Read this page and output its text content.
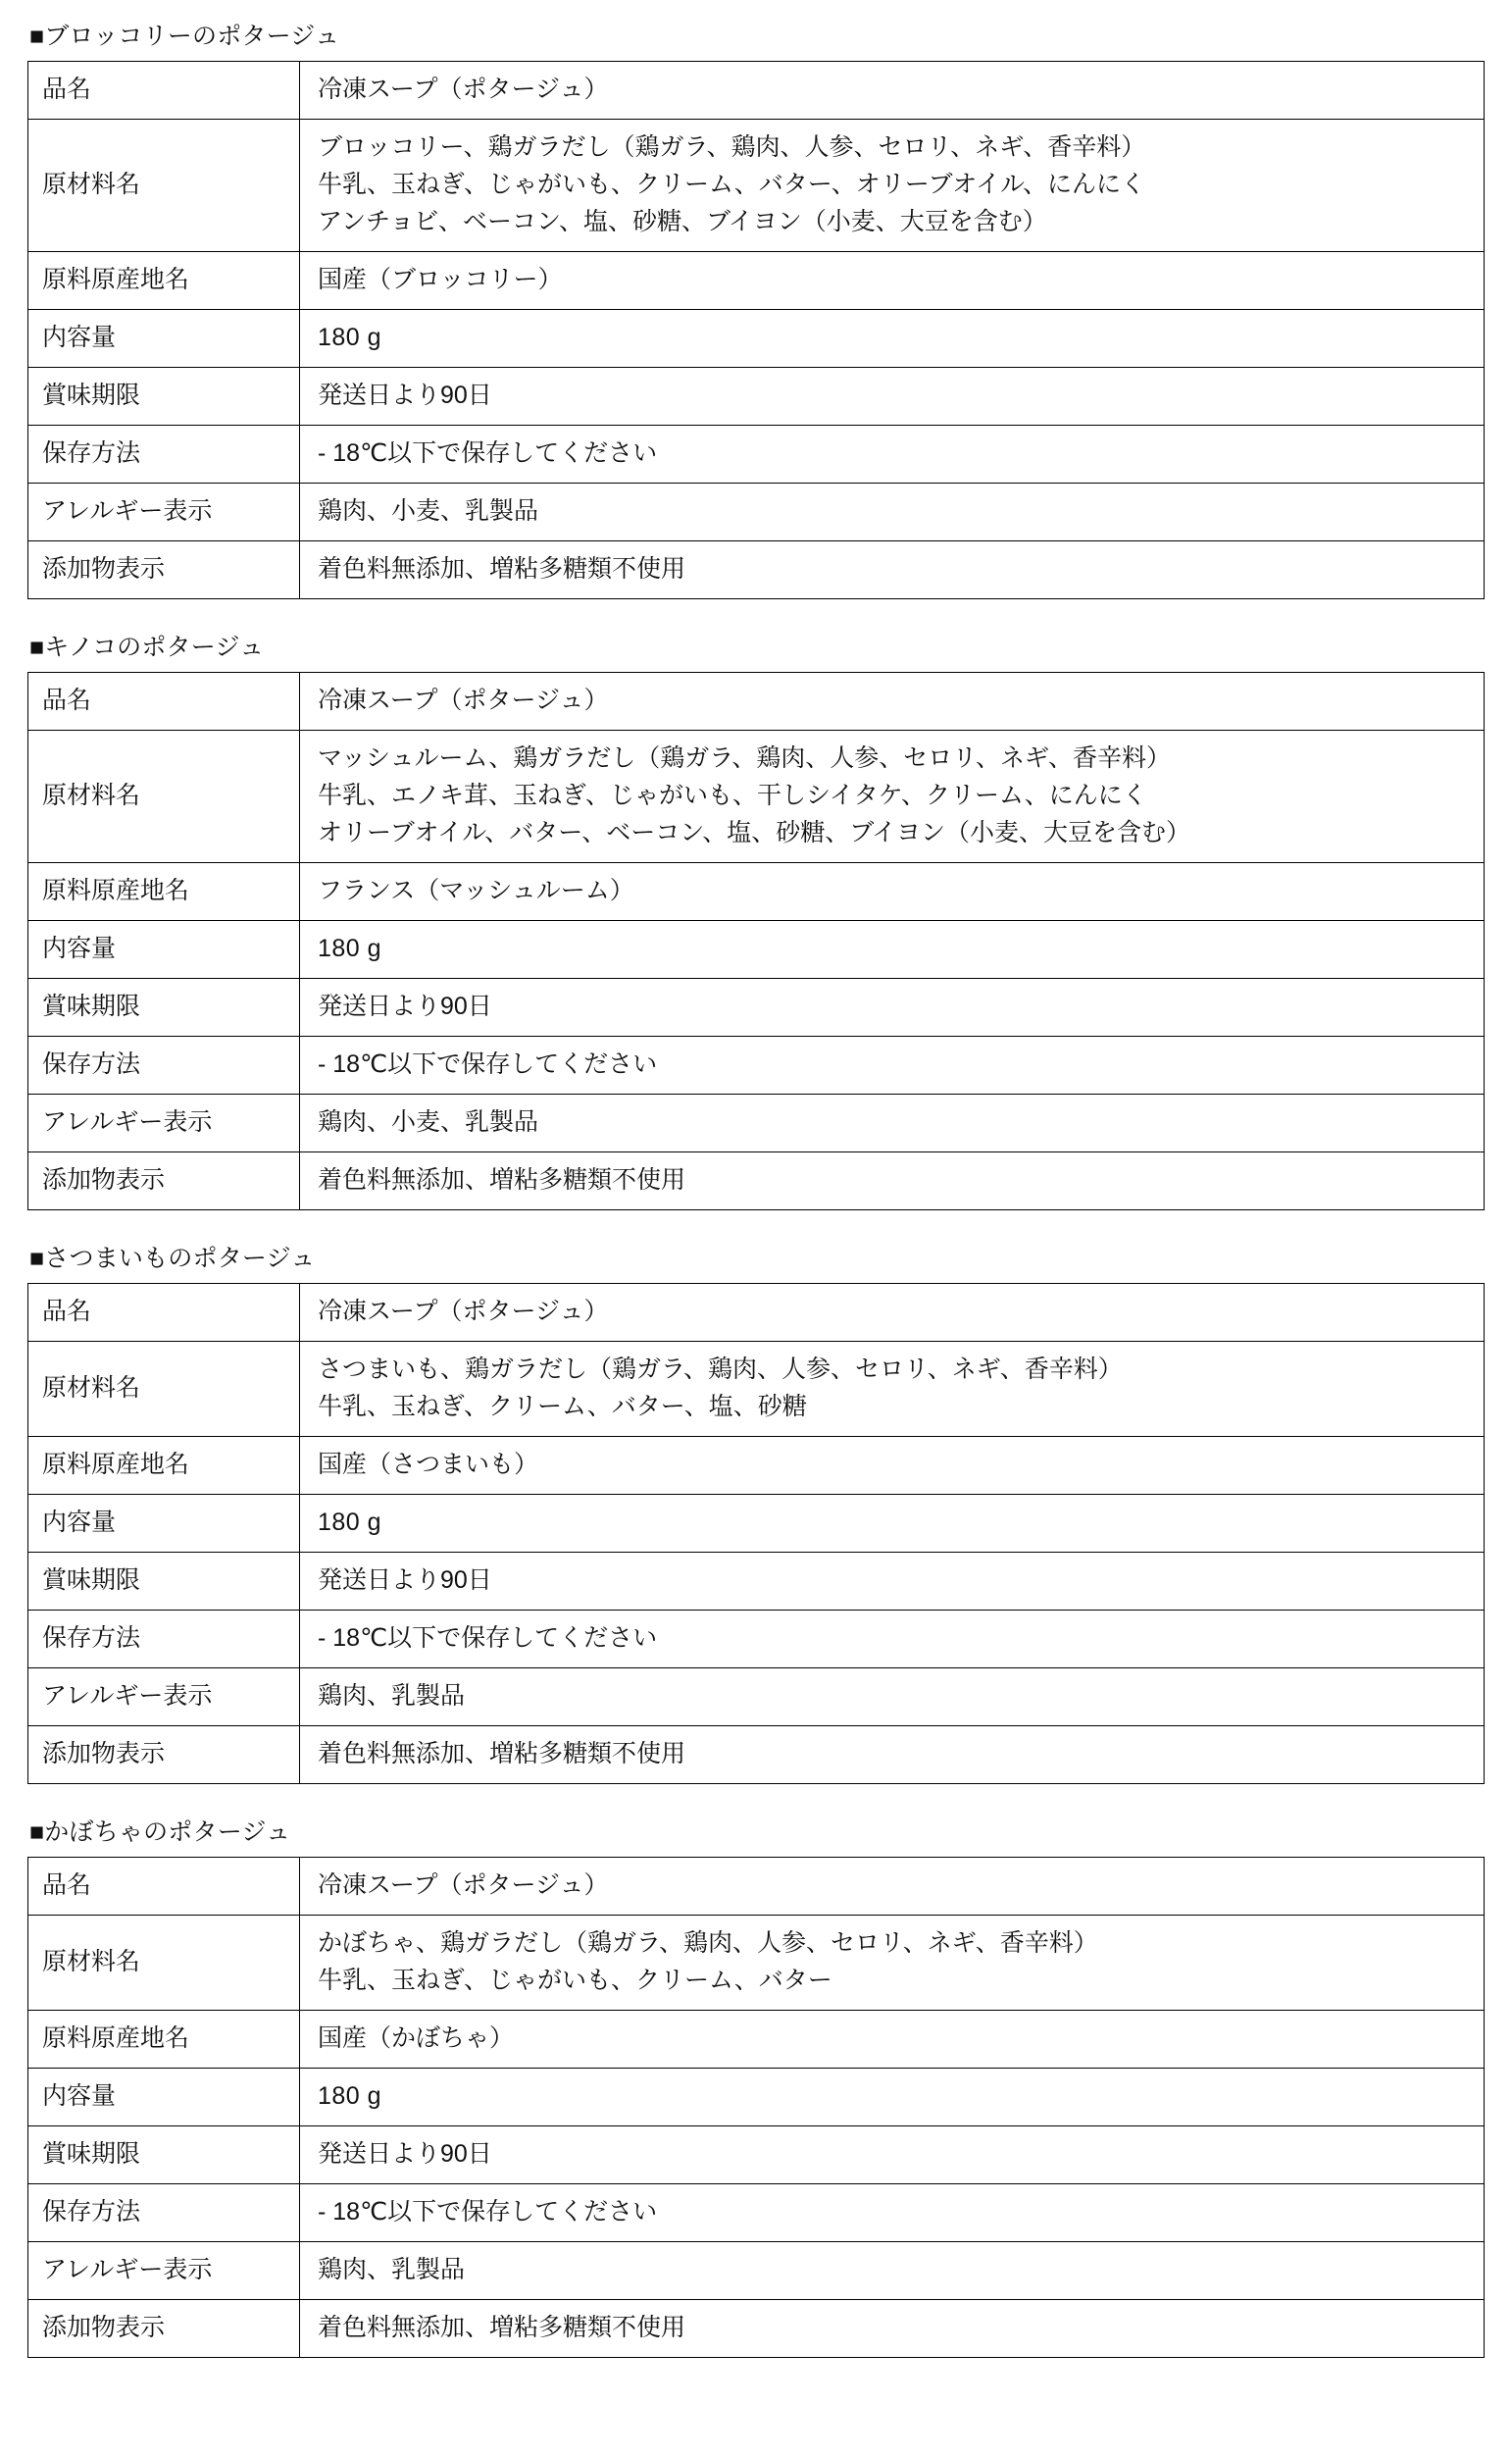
■ブロッコリーのポタージュ

品名	冷凍スープ（ポタージュ）
原材料名	ブロッコリー、鶏ガラだし（鶏ガラ、鶏肉、人参、セロリ、ネギ、香辛料）
牛乳、玉ねぎ、じゃがいも、クリーム、バター、オリーブオイル、にんにく
アンチョビ、ベーコン、塩、砂糖、ブイヨン（小麦、大豆を含む）

原料原産地名	国産（ブロッコリー）
内容量	180 g
賞味期限	発送日より90日
保存方法	- 18℃以下で保存してください
アレルギー表示	鶏肉、小麦、乳製品
添加物表示	着色料無添加、増粘多糖類不使用

■キノコのポタージュ

品名	冷凍スープ（ポタージュ）
原材料名	マッシュルーム、鶏ガラだし（鶏ガラ、鶏肉、人参、セロリ、ネギ、香辛料）
牛乳、エノキ茸、玉ねぎ、じゃがいも、干しシイタケ、クリーム、にんにく
オリーブオイル、バター、ベーコン、塩、砂糖、ブイヨン（小麦、大豆を含む）

原料原産地名	フランス（マッシュルーム）
内容量	180 g
賞味期限	発送日より90日
保存方法	- 18℃以下で保存してください
アレルギー表示	鶏肉、小麦、乳製品
添加物表示	着色料無添加、増粘多糖類不使用

■さつまいものポタージュ

品名	冷凍スープ（ポタージュ）
原材料名	さつまいも、鶏ガラだし（鶏ガラ、鶏肉、人参、セロリ、ネギ、香辛料）
牛乳、玉ねぎ、クリーム、バター、塩、砂糖

原料原産地名	国産（さつまいも）
内容量	180 g
賞味期限	発送日より90日
保存方法	- 18℃以下で保存してください
アレルギー表示	鶏肉、乳製品
添加物表示	着色料無添加、増粘多糖類不使用

■かぼちゃのポタージュ

品名	冷凍スープ（ポタージュ）
原材料名	かぼちゃ、鶏ガラだし（鶏ガラ、鶏肉、人参、セロリ、ネギ、香辛料）
牛乳、玉ねぎ、じゃがいも、クリーム、バター

原料原産地名	国産（かぼちゃ）
内容量	180 g
賞味期限	発送日より90日
保存方法	- 18℃以下で保存してください
アレルギー表示	鶏肉、乳製品
添加物表示	着色料無添加、増粘多糖類不使用
